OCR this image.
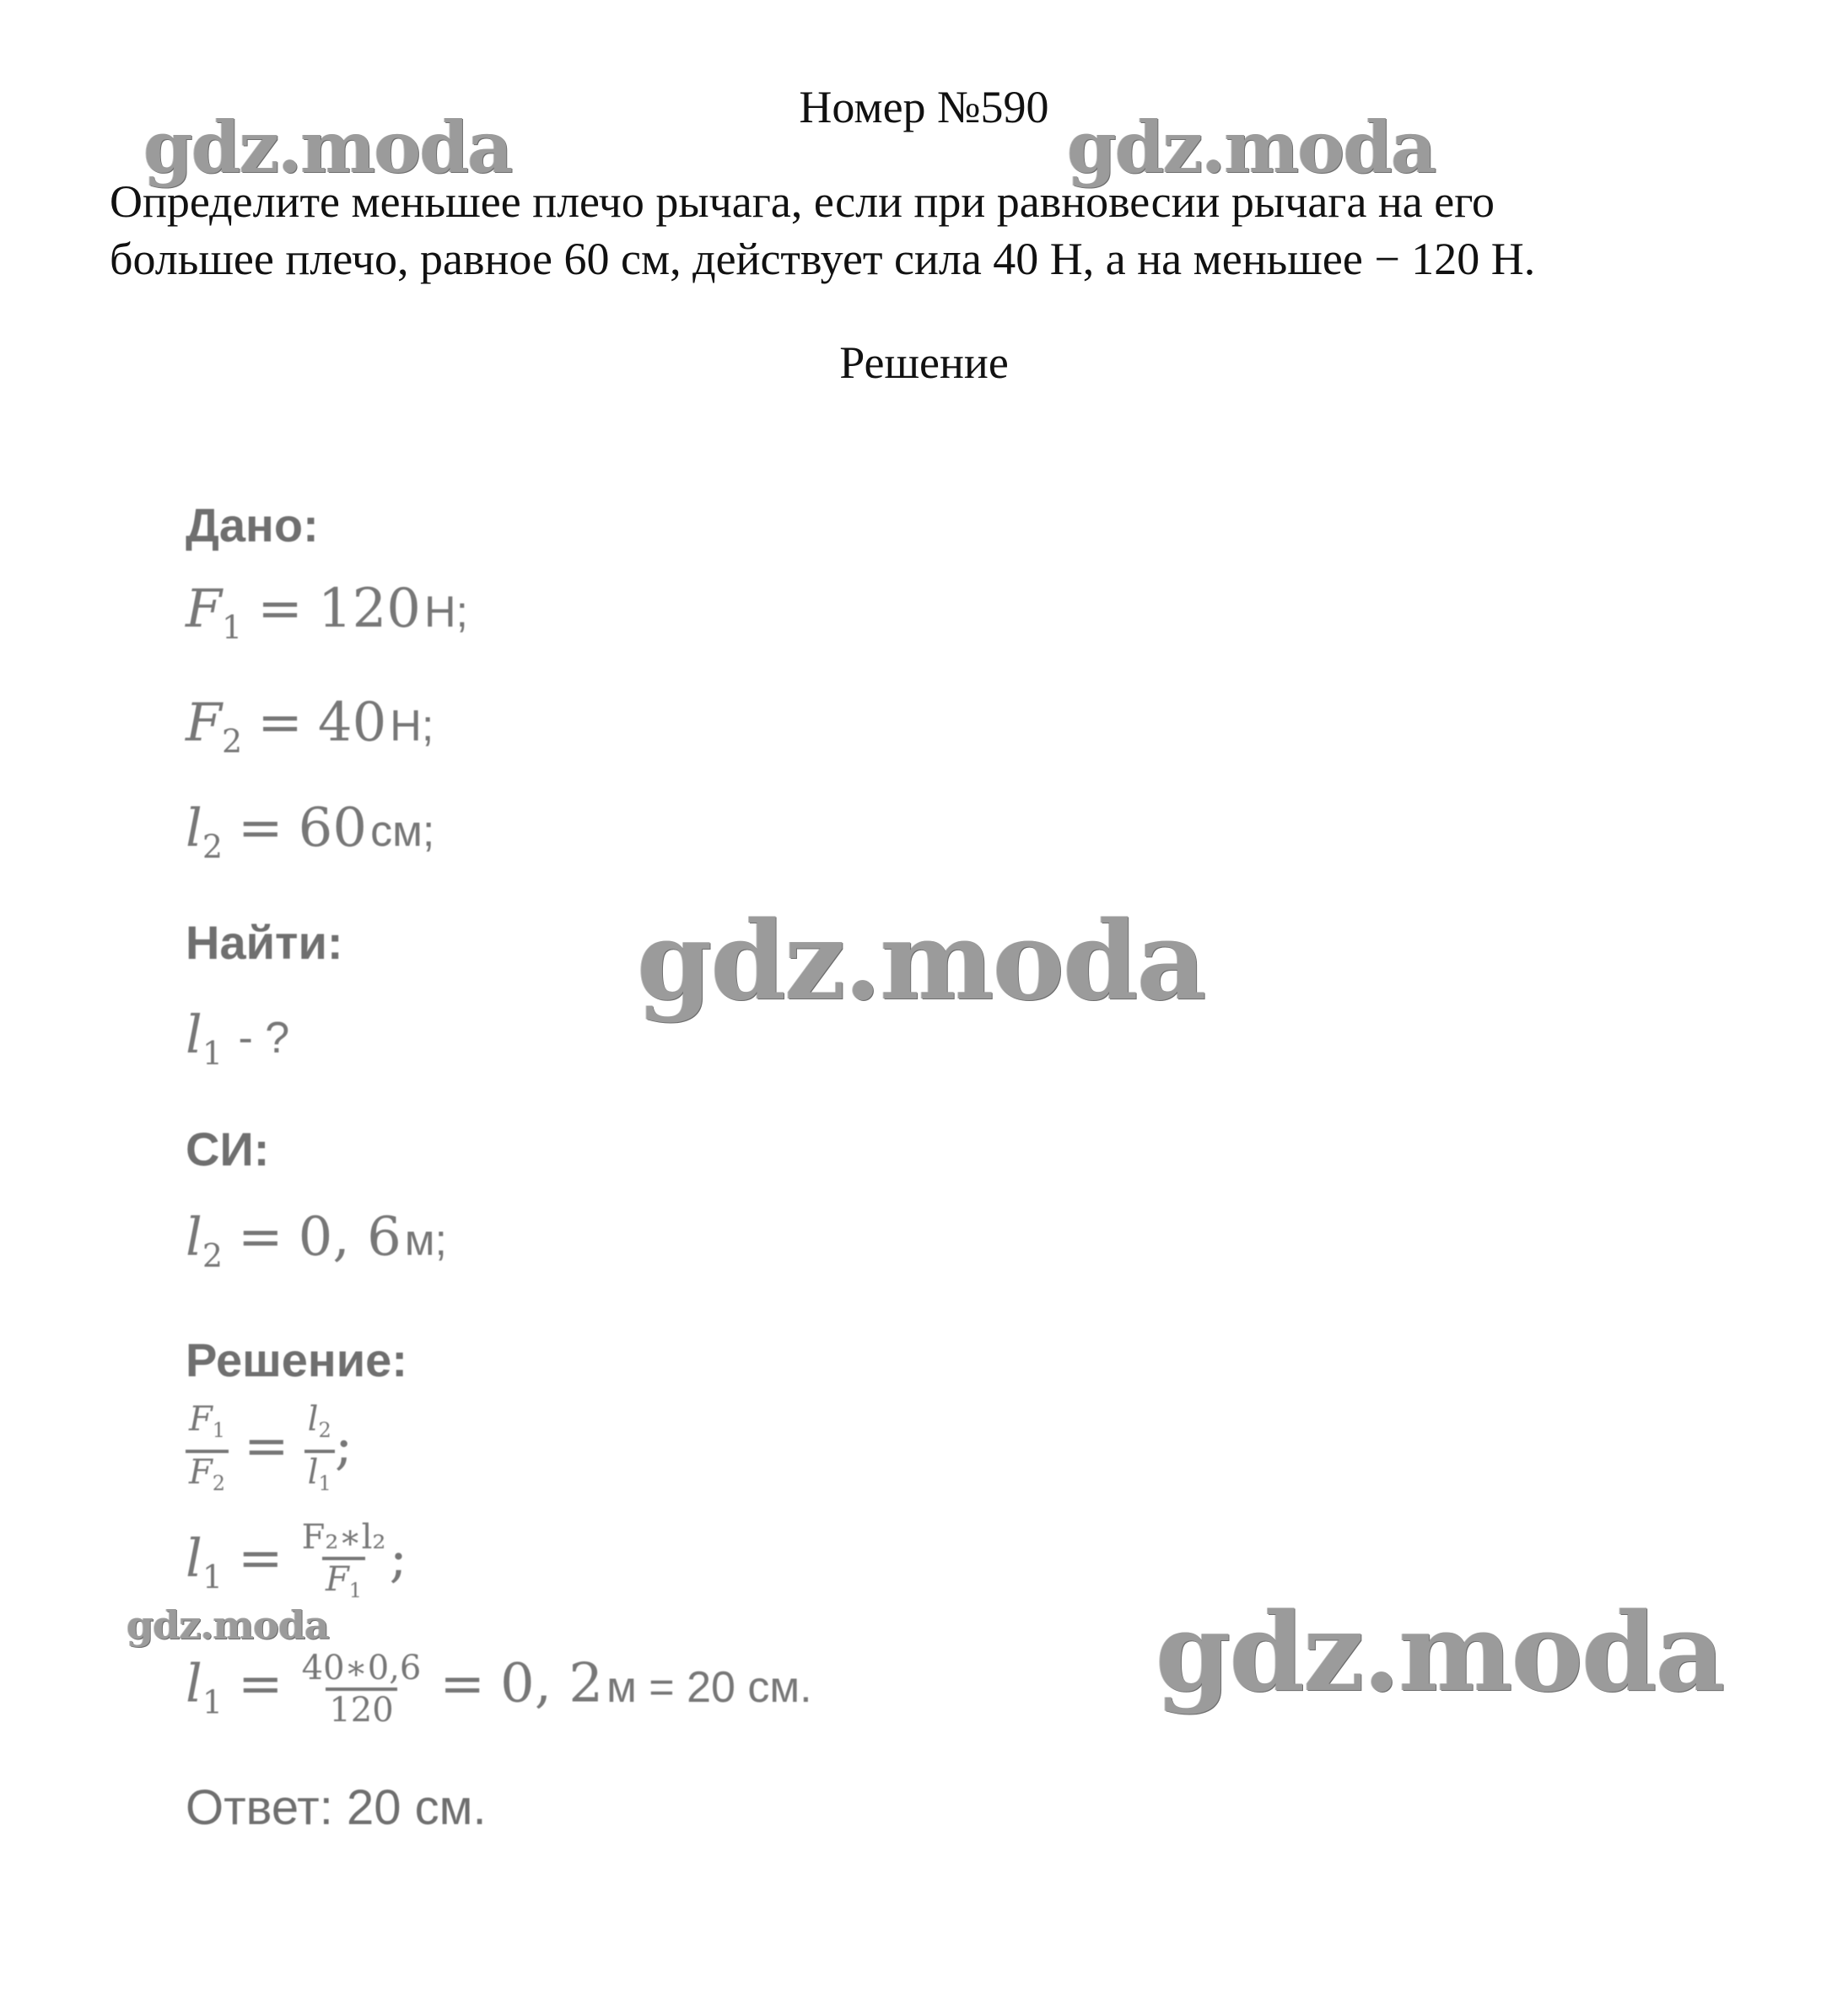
Номер №590
Определите меньшее плечо рычага, если при равновесии рычага на его
большее плечо, равное 60 см, действует сила 40 Н, а на меньшее − 120 Н.
Решение
Дано:
$F_1 = 120Н$;
$F_2 = 40Н$;
$l_2 = 60см$;
Найти:
$l_1$ - ?
СИ:
$l_2 = 0$, 6м;
Решение:
$\frac{F_1}{F_2} = \frac{l_2}{l_1}$ ;
$l_1 = \frac{\text{F₂∗l₂}}{F_1}$ ;
$l_1 = \frac{40∗0,6}{120} = 0$, 2м = 20 см.
Ответ: 20 см.
gdz.moda	gdz.moda
gdz.moda
gdz.moda	gdz.moda
